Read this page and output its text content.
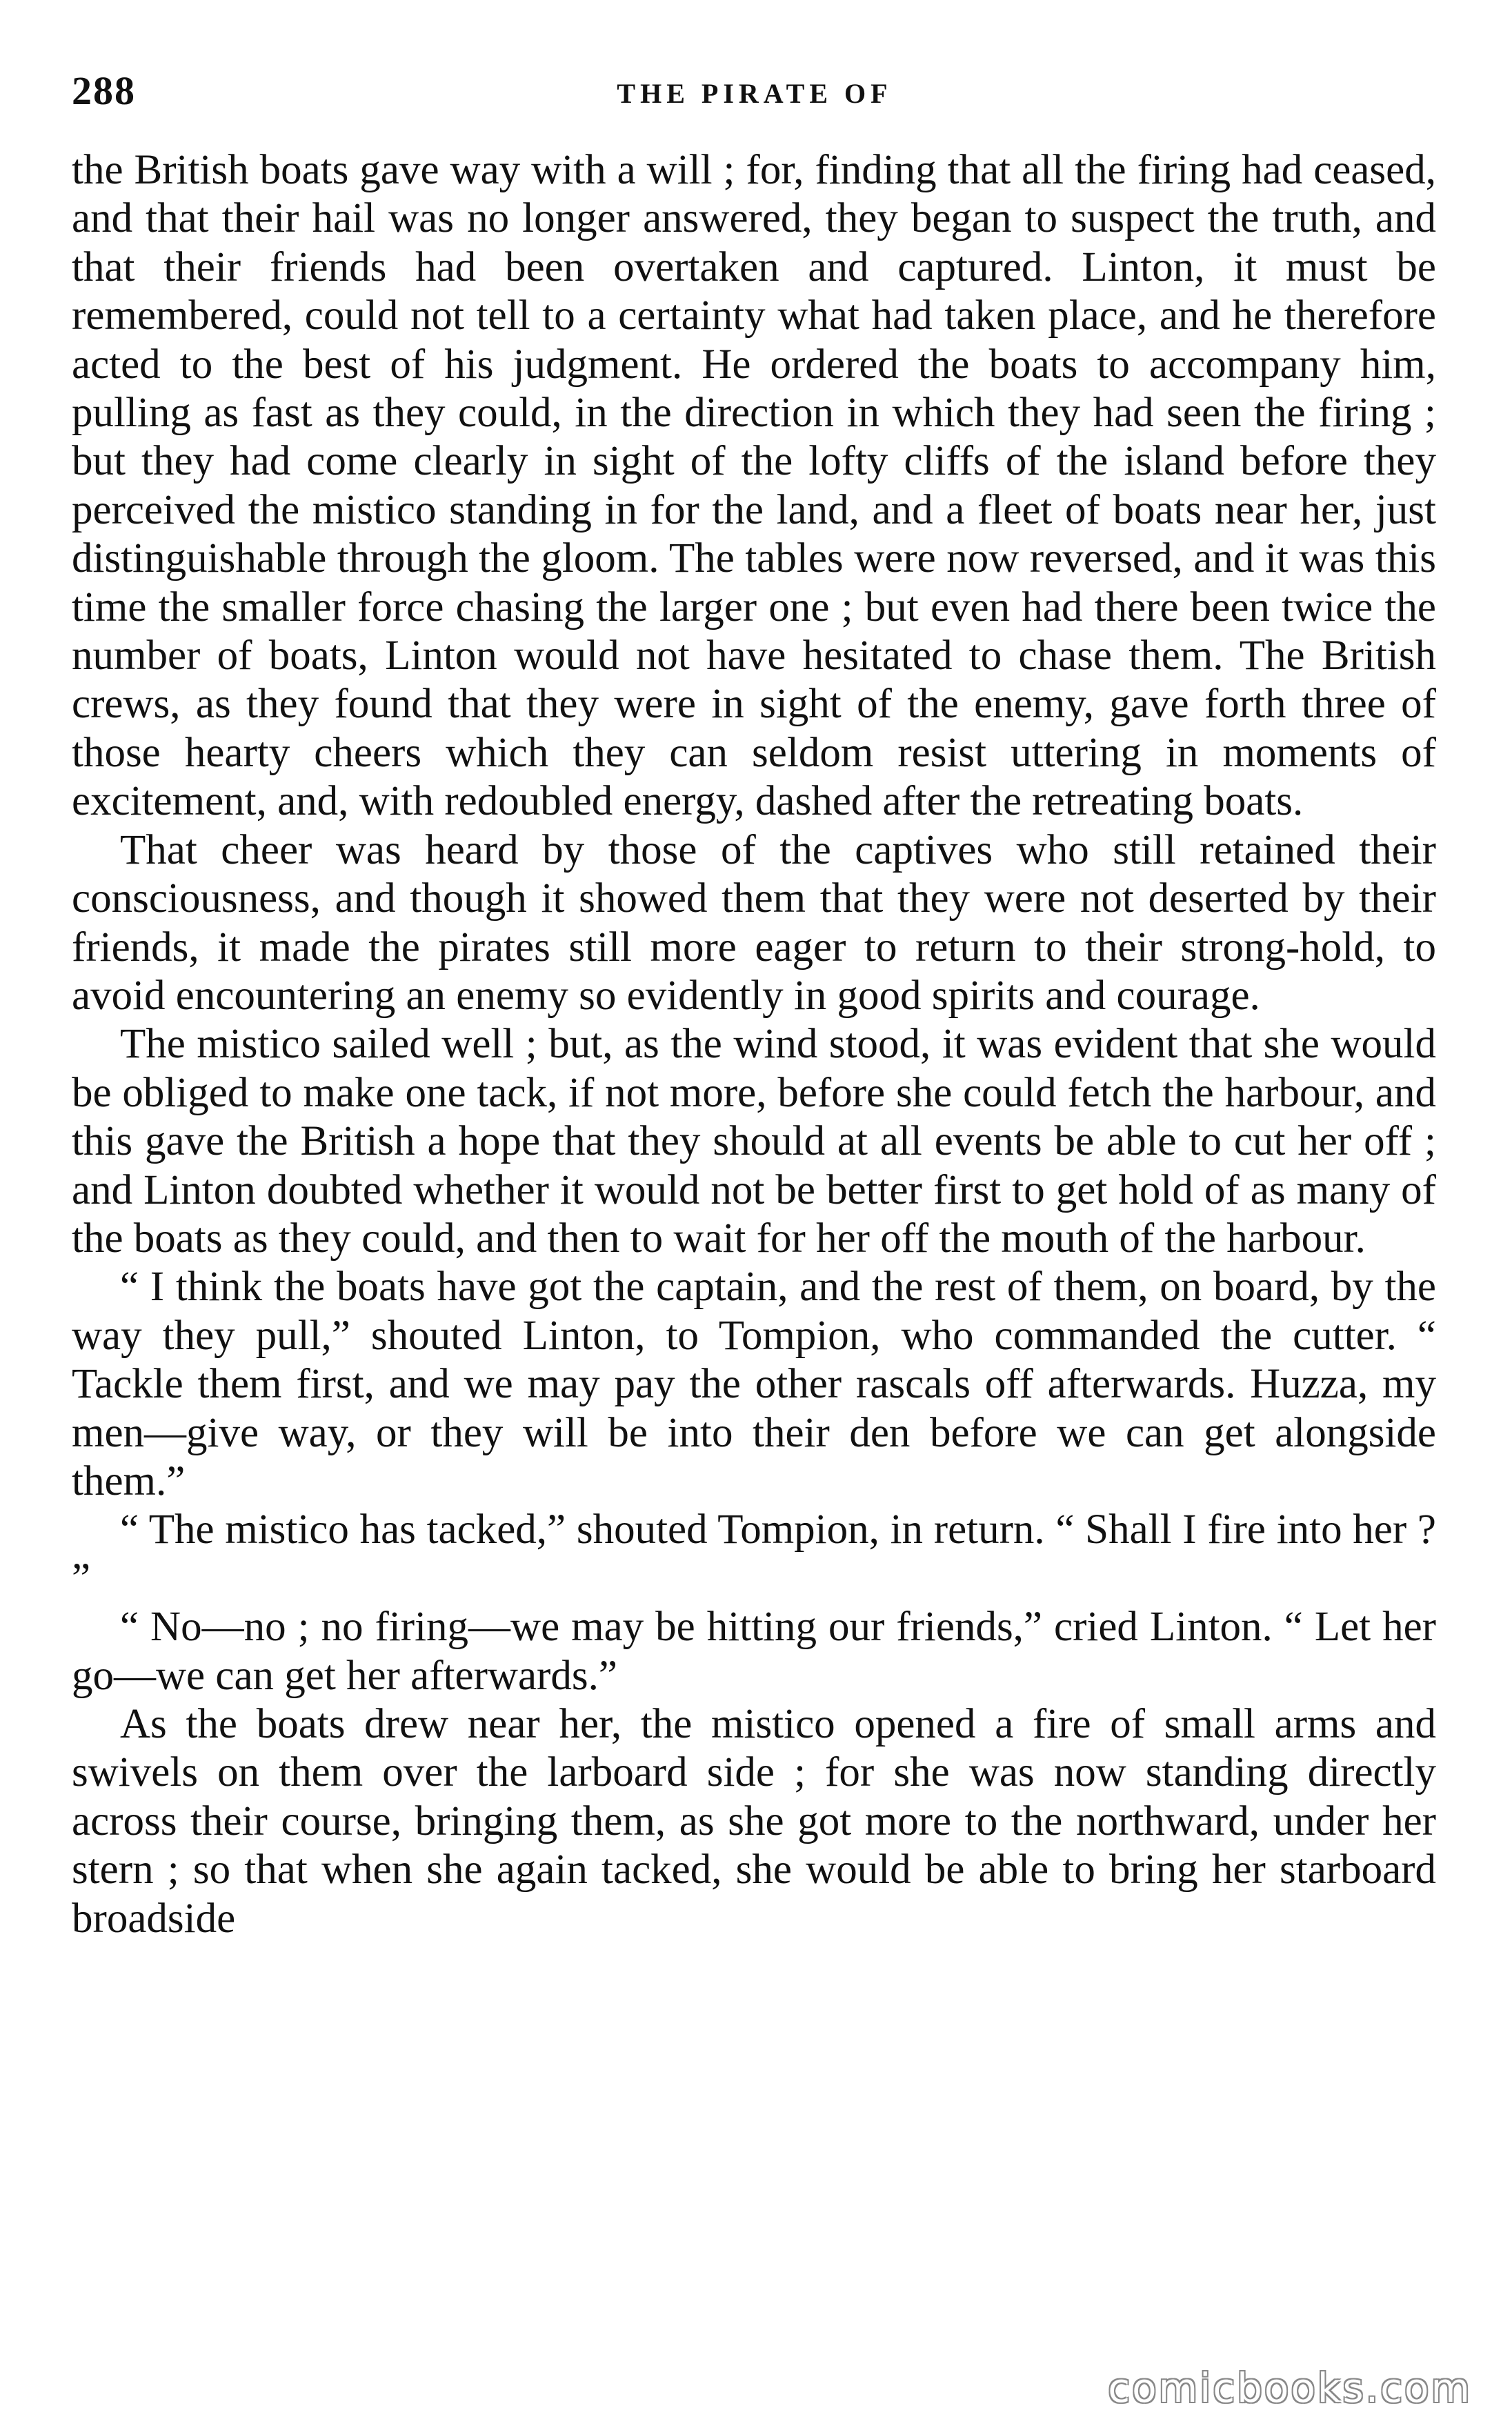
288	THE PIRATE OF

the British boats gave way with a will ; for, finding that all the firing had ceased, and that their hail was no longer answered, they began to suspect the truth, and that their friends had been overtaken and captured. Linton, it must be remembered, could not tell to a certainty what had taken place, and he therefore acted to the best of his judgment. He ordered the boats to accompany him, pulling as fast as they could, in the direction in which they had seen the firing ; but they had come clearly in sight of the lofty cliffs of the island before they perceived the mistico standing in for the land, and a fleet of boats near her, just distinguishable through the gloom. The tables were now reversed, and it was this time the smaller force chasing the larger one ; but even had there been twice the number of boats, Linton would not have hesitated to chase them. The British crews, as they found that they were in sight of the enemy, gave forth three of those hearty cheers which they can seldom resist uttering in moments of excitement, and, with redoubled energy, dashed after the retreating boats.

That cheer was heard by those of the captives who still retained their consciousness, and though it showed them that they were not deserted by their friends, it made the pirates still more eager to return to their strong-hold, to avoid encountering an enemy so evidently in good spirits and courage.

The mistico sailed well ; but, as the wind stood, it was evident that she would be obliged to make one tack, if not more, before she could fetch the harbour, and this gave the British a hope that they should at all events be able to cut her off ; and Linton doubted whether it would not be better first to get hold of as many of the boats as they could, and then to wait for her off the mouth of the harbour.

“ I think the boats have got the captain, and the rest of them, on board, by the way they pull,” shouted Linton, to Tompion, who commanded the cutter. “ Tackle them first, and we may pay the other rascals off afterwards. Huzza, my men—give way, or they will be into their den before we can get alongside them.”

“ The mistico has tacked,” shouted Tompion, in return. “ Shall I fire into her ? ”

“ No—no ; no firing—we may be hitting our friends,” cried Linton. “ Let her go—we can get her afterwards.”

As the boats drew near her, the mistico opened a fire of small arms and swivels on them over the larboard side ; for she was now standing directly across their course, bringing them, as she got more to the northward, under her stern ; so that when she again tacked, she would be able to bring her starboard broadside

comicbooks.com
